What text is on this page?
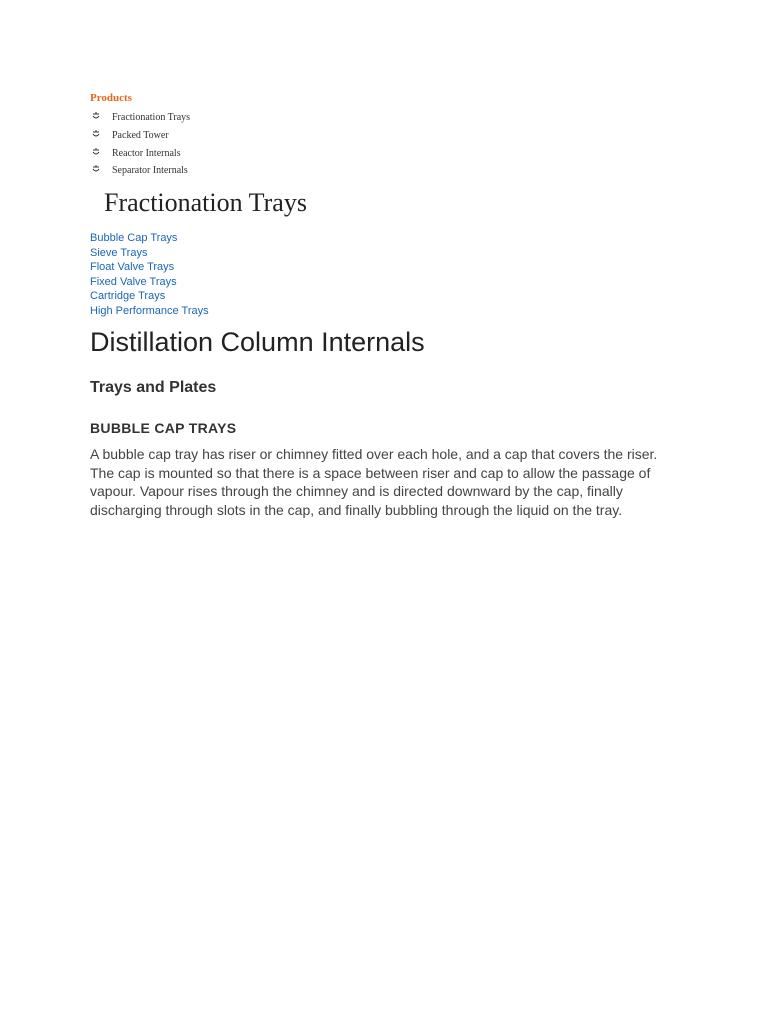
Products

Fractionation Trays
Packed Tower
Reactor Internals
Separator Internals
Fractionation Trays
Bubble Cap Trays
Sieve Trays
Float Valve Trays
Fixed Valve Trays
Cartridge Trays
High Performance Trays
Distillation Column Internals
Trays and Plates
BUBBLE CAP TRAYS

A bubble cap tray has riser or chimney fitted over each hole, and a cap that covers the riser. The cap is mounted so that there is a space between riser and cap to allow the passage of vapour. Vapour rises through the chimney and is directed downward by the cap, finally discharging through slots in the cap, and finally bubbling through the liquid on the tray.
